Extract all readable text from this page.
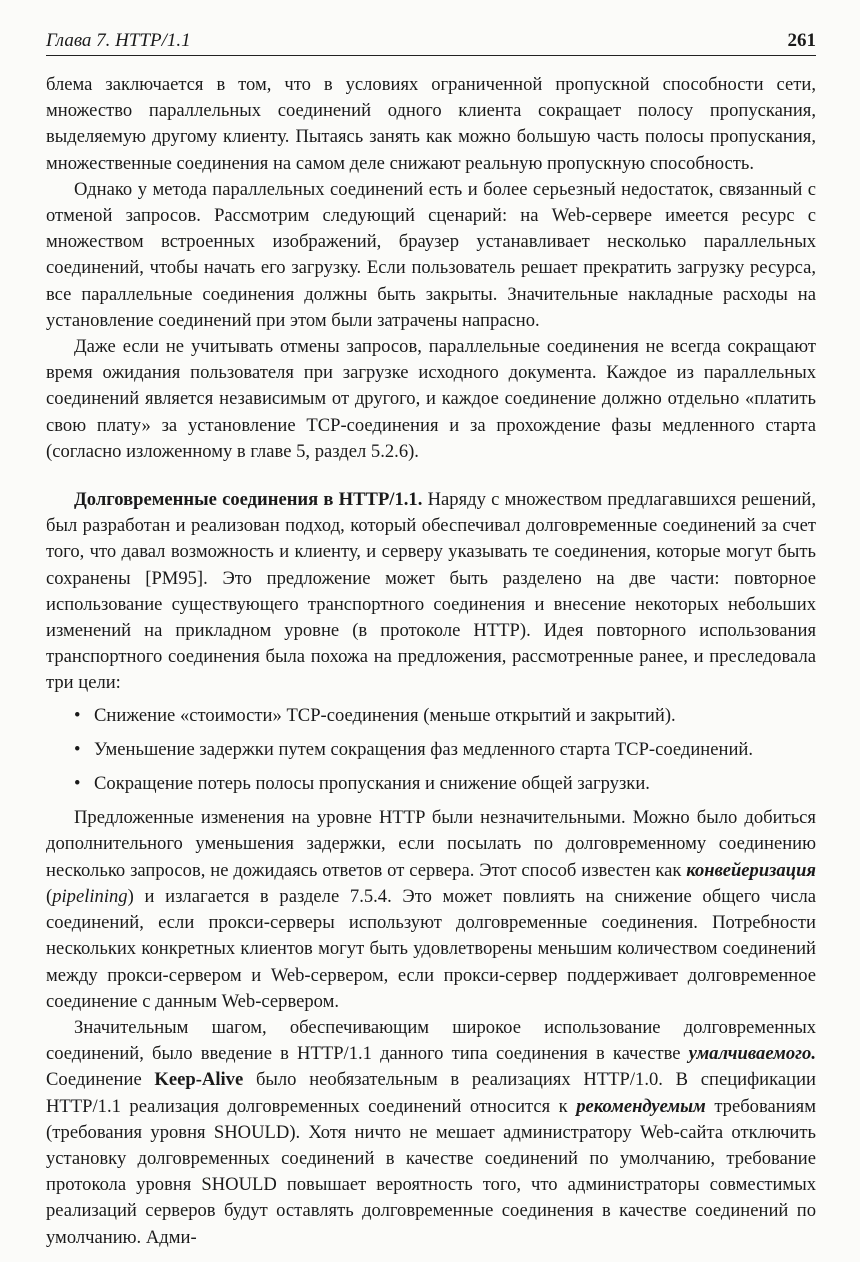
Глава 7. HTTP/1.1	261

блема заключается в том, что в условиях ограниченной пропускной способности сети, множество параллельных соединений одного клиента сокращает полосу пропускания, выделяемую другому клиенту. Пытаясь занять как можно большую часть полосы пропускания, множественные соединения на самом деле снижают реальную пропускную способность.

Однако у метода параллельных соединений есть и более серьезный недостаток, связанный с отменой запросов. Рассмотрим следующий сценарий: на Web-сервере имеется ресурс с множеством встроенных изображений, браузер устанавливает несколько параллельных соединений, чтобы начать его загрузку. Если пользователь решает прекратить загрузку ресурса, все параллельные соединения должны быть закрыты. Значительные накладные расходы на установление соединений при этом были затрачены напрасно.

Даже если не учитывать отмены запросов, параллельные соединения не всегда сокращают время ожидания пользователя при загрузке исходного документа. Каждое из параллельных соединений является независимым от другого, и каждое соединение должно отдельно «платить свою плату» за установление TCP-соединения и за прохождение фазы медленного старта (согласно изложенному в главе 5, раздел 5.2.6).

Долговременные соединения в HTTP/1.1. Наряду с множеством предлагавшихся решений, был разработан и реализован подход, который обеспечивал долговременные соединений за счет того, что давал возможность и клиенту, и серверу указывать те соединения, которые могут быть сохранены [PM95]. Это предложение может быть разделено на две части: повторное использование существующего транспортного соединения и внесение некоторых небольших изменений на прикладном уровне (в протоколе HTTP). Идея повторного использования транспортного соединения была похожа на предложения, рассмотренные ранее, и преследовала три цели:

• Снижение «стоимости» TCP-соединения (меньше открытий и закрытий).
• Уменьшение задержки путем сокращения фаз медленного старта TCP-соединений.
• Сокращение потерь полосы пропускания и снижение общей загрузки.

Предложенные изменения на уровне HTTP были незначительными. Можно было добиться дополнительного уменьшения задержки, если посылать по долговременному соединению несколько запросов, не дожидаясь ответов от сервера. Этот способ известен как конвейеризация (pipelining) и излагается в разделе 7.5.4. Это может повлиять на снижение общего числа соединений, если прокси-серверы используют долговременные соединения. Потребности нескольких конкретных клиентов могут быть удовлетворены меньшим количеством соединений между прокси-сервером и Web-сервером, если прокси-сервер поддерживает долговременное соединение с данным Web-сервером.

Значительным шагом, обеспечивающим широкое использование долговременных соединений, было введение в HTTP/1.1 данного типа соединения в качестве умалчиваемого. Соединение Keep-Alive было необязательным в реализациях HTTP/1.0. В спецификации HTTP/1.1 реализация долговременных соединений относится к рекомендуемым требованиям (требования уровня SHOULD). Хотя ничто не мешает администратору Web-сайта отключить установку долговременных соединений в качестве соединений по умолчанию, требование протокола уровня SHOULD повышает вероятность того, что администраторы совместимых реализаций серверов будут оставлять долговременные соединения в качестве соединений по умолчанию. Адми-
